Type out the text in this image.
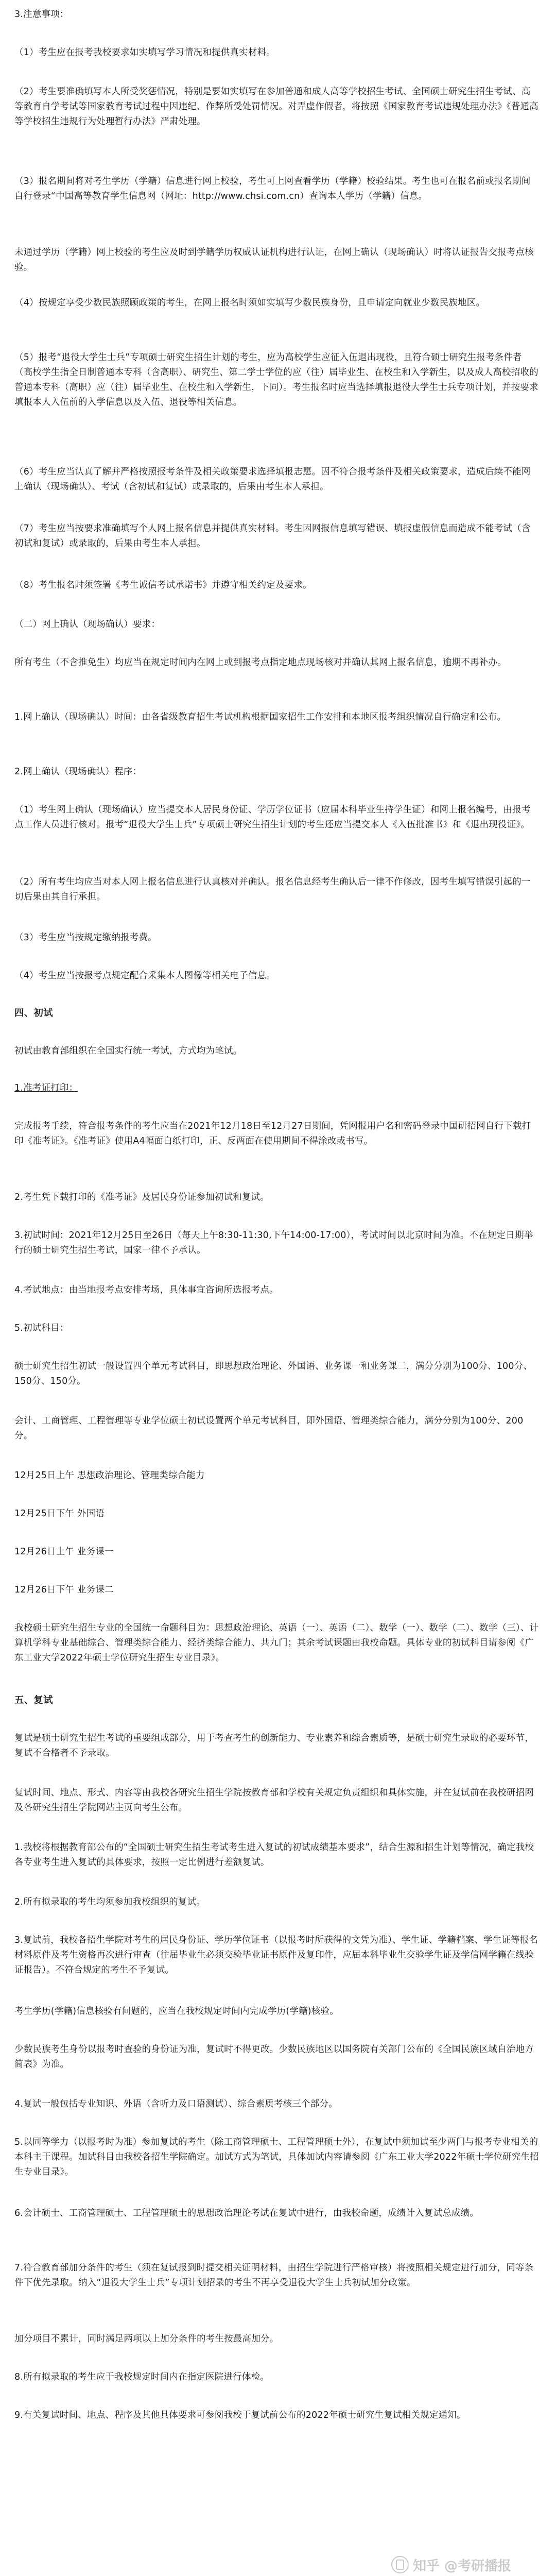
3.注意事项：

（1）考生应在报考我校要求如实填写学习情况和提供真实材料。

（2）考生要准确填写本人所受奖惩情况，特别是要如实填写在参加普通和成人高等学校招生考试、全国硕士研究生招生考试、高等教育自学考试等国家教育考试过程中因违纪、作弊所受处罚情况。对弄虚作假者，将按照《国家教育考试违规处理办法》《普通高等学校招生违规行为处理暂行办法》严肃处理。

（3）报名期间将对考生学历（学籍）信息进行网上校验，考生可上网查看学历（学籍）校验结果。考生也可在报名前或报名期间自行登录“中国高等教育学生信息网（网址：http://www.chsi.com.cn）查询本人学历（学籍）信息。

未通过学历（学籍）网上校验的考生应及时到学籍学历权威认证机构进行认证，在网上确认（现场确认）时将认证报告交报考点核验。

（4）按规定享受少数民族照顾政策的考生，在网上报名时须如实填写少数民族身份，且申请定向就业少数民族地区。

（5）报考“退役大学生士兵”专项硕士研究生招生计划的考生，应为高校学生应征入伍退出现役，且符合硕士研究生报考条件者（高校学生指全日制普通本专科（含高职）、研究生、第二学士学位的应（往）届毕业生、在校生和入学新生，以及成人高校招收的普通本专科（高职）应（往）届毕业生、在校生和入学新生，下同）。考生报名时应当选择填报退役大学生士兵专项计划，并按要求填报本人入伍前的入学信息以及入伍、退役等相关信息。

（6）考生应当认真了解并严格按照报考条件及相关政策要求选择填报志愿。因不符合报考条件及相关政策要求，造成后续不能网上确认（现场确认）、考试（含初试和复试）或录取的，后果由考生本人承担。

（7）考生应当按要求准确填写个人网上报名信息并提供真实材料。考生因网报信息填写错误、填报虚假信息而造成不能考试（含初试和复试）或录取的，后果由考生本人承担。

（8）考生报名时须签署《考生诚信考试承诺书》并遵守相关约定及要求。

（二）网上确认（现场确认）要求：

所有考生（不含推免生）均应当在规定时间内在网上或到报考点指定地点现场核对并确认其网上报名信息，逾期不再补办。

1.网上确认（现场确认）时间：由各省级教育招生考试机构根据国家招生工作安排和本地区报考组织情况自行确定和公布。

2.网上确认（现场确认）程序：

（1）考生网上确认（现场确认）应当提交本人居民身份证、学历学位证书（应届本科毕业生持学生证）和网上报名编号，由报考点工作人员进行核对。报考“退役大学生士兵”专项硕士研究生招生计划的考生还应当提交本人《入伍批准书》和《退出现役证》。

（2）所有考生均应当对本人网上报名信息进行认真核对并确认。报名信息经考生确认后一律不作修改，因考生填写错误引起的一切后果由其自行承担。

（3）考生应当按规定缴纳报考费。

（4）考生应当按报考点规定配合采集本人图像等相关电子信息。

四、初试

初试由教育部组织在全国实行统一考试，方式均为笔试。

1.准考证打印：

完成报考手续，符合报考条件的考生应当在2021年12月18日至12月27日期间，凭网报用户名和密码登录中国研招网自行下载打印《准考证》。《准考证》使用A4幅面白纸打印，正、反两面在使用期间不得涂改或书写。

2.考生凭下载打印的《准考证》及居民身份证参加初试和复试。

3.初试时间：2021年12月25日至26日（每天上午8:30-11:30,下午14:00-17:00），考试时间以北京时间为准。不在规定日期举行的硕士研究生招生考试，国家一律不予承认。

4.考试地点：由当地报考点安排考场，具体事宜咨询所选报考点。

5.初试科目：

硕士研究生招生初试一般设置四个单元考试科目，即思想政治理论、外国语、业务课一和业务课二，满分分别为100分、100分、150分、150分。

会计、工商管理、工程管理等专业学位硕士初试设置两个单元考试科目，即外国语、管理类综合能力，满分分别为100分、200分。

12月25日上午 思想政治理论、管理类综合能力

12月25日下午 外国语

12月26日上午 业务课一

12月26日下午 业务课二

我校硕士研究生招生专业的全国统一命题科目为：思想政治理论、英语（一）、英语（二）、数学（一）、数学（二）、数学（三）、计算机学科专业基础综合、管理类综合能力、经济类综合能力、共九门；其余考试课题由我校命题。具体专业的初试科目请参阅《广东工业大学2022年硕士学位研究生招生专业目录》。

五、复试

复试是硕士研究生招生考试的重要组成部分，用于考查考生的创新能力、专业素养和综合素质等，是硕士研究生录取的必要环节，复试不合格者不予录取。

复试时间、地点、形式、内容等由我校各研究生招生学院按教育部和学校有关规定负责组织和具体实施，并在复试前在我校研招网及各研究生招生学院网站主页向考生公布。

1.我校将根据教育部公布的“全国硕士研究生招生考试考生进入复试的初试成绩基本要求”，结合生源和招生计划等情况，确定我校各专业考生进入复试的具体要求，按照一定比例进行差额复试。

2.所有拟录取的考生均须参加我校组织的复试。

3.复试前，我校各招生学院对考生的居民身份证、学历学位证书（以报考时所获得的文凭为准）、学生证、学籍档案、学生证等报名材料原件及考生资格再次进行审查（往届毕业生必须交验毕业证书原件及复印件，应届本科毕业生交验学生证及学信网学籍在线验证报告）。不符合规定的考生不予复试。

考生学历(学籍)信息核验有问题的，应当在我校规定时间内完成学历(学籍)核验。

少数民族考生身份以报考时查验的身份证为准，复试时不得更改。少数民族地区以国务院有关部门公布的《全国民族区域自治地方简表》为准。

4.复试一般包括专业知识、外语（含听力及口语测试）、综合素质考核三个部分。

5.以同等学力（以报考时为准）参加复试的考生（除工商管理硕士、工程管理硕士外），在复试中须加试至少两门与报考专业相关的本科主干课程。加试科目由我校各招生学院确定。加试方式为笔试，具体加试内容请参阅《广东工业大学2022年硕士学位研究生招生专业目录》。

6.会计硕士、工商管理硕士、工程管理硕士的思想政治理论考试在复试中进行，由我校命题，成绩计入复试总成绩。

7.符合教育部加分条件的考生（须在复试报到时提交相关证明材料，由招生学院进行严格审核）将按照相关规定进行加分，同等条件下优先录取。纳入“退役大学生士兵”专项计划招录的考生不再享受退役大学生士兵初试加分政策。

加分项目不累计，同时满足两项以上加分条件的考生按最高加分。

8.所有拟录取的考生应于我校规定时间内在指定医院进行体检。

9.有关复试时间、地点、程序及其他具体要求可参阅我校于复试前公布的2022年硕士研究生复试相关规定通知。

知乎 @考研播报
